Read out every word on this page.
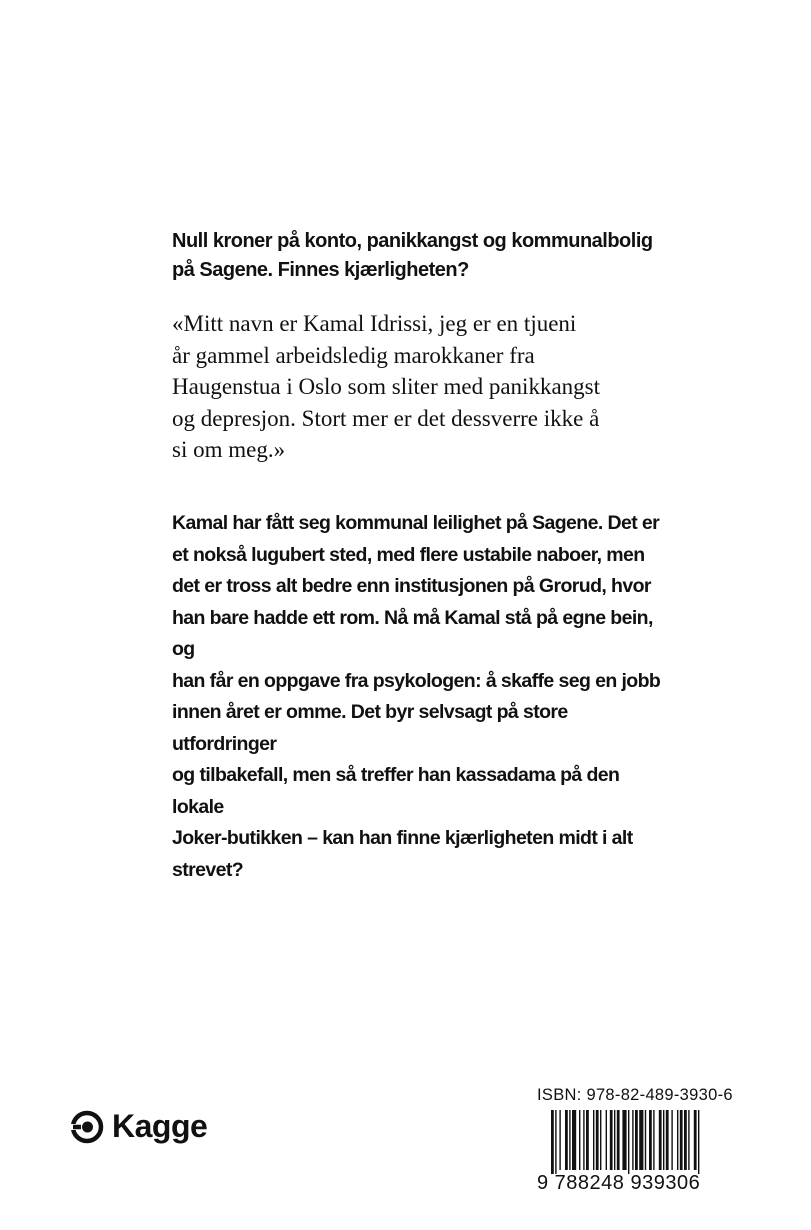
Null kroner på konto, panikkangst og kommunalbolig
på Sagene. Finnes kjærligheten?

«Mitt navn er Kamal Idrissi, jeg er en tjueni
år gammel arbeidsledig marokkaner fra
Haugenstua i Oslo som sliter med panikkangst
og depresjon. Stort mer er det dessverre ikke å
si om meg.»

Kamal har fått seg kommunal leilighet på Sagene. Det er
et nokså lugubert sted, med flere ustabile naboer, men
det er tross alt bedre enn institusjonen på Grorud, hvor
han bare hadde ett rom. Nå må Kamal stå på egne bein, og
han får en oppgave fra psykologen: å skaffe seg en jobb
innen året er omme. Det byr selvsagt på store utfordringer
og tilbakefall, men så treffer han kassadama på den lokale
Joker-butikken – kan han finne kjærligheten midt i alt
strevet?

Kagge
ISBN: 978-82-489-3930-6
9 788248 939306
